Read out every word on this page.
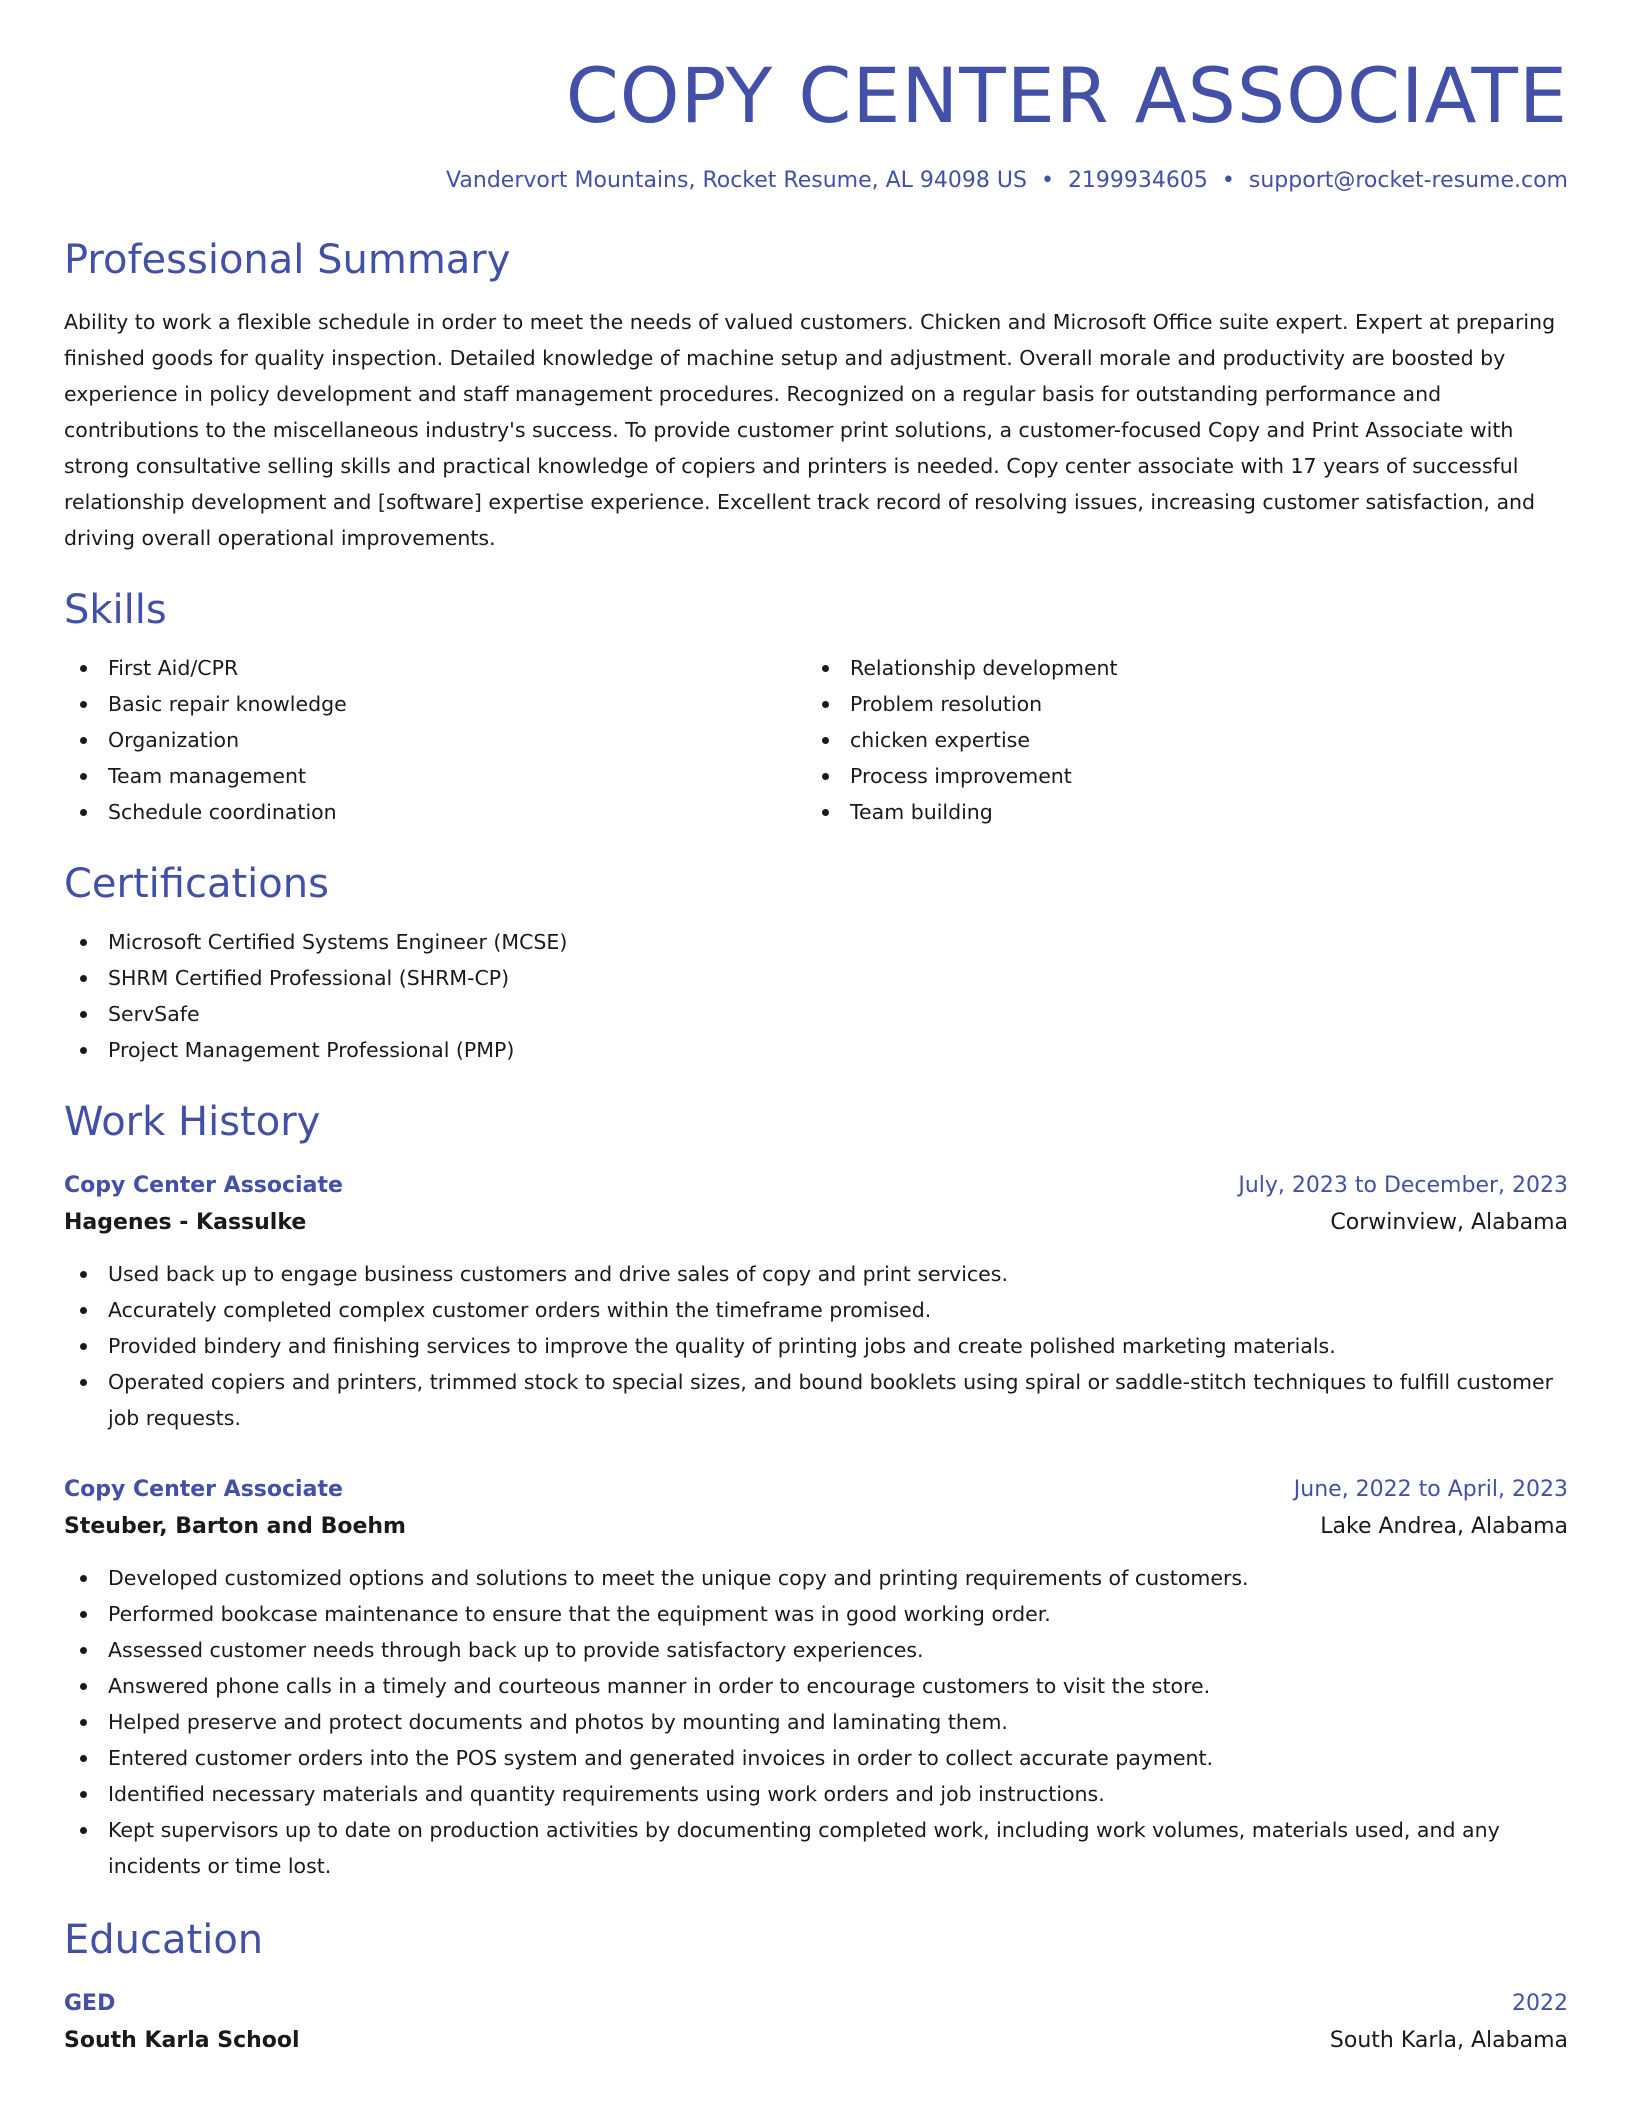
COPY CENTER ASSOCIATE
Vandervort Mountains, Rocket Resume, AL 94098 US • 2199934605 • support@rocket-resume.com
Professional Summary

Ability to work a flexible schedule in order to meet the needs of valued customers. Chicken and Microsoft Office suite expert. Expert at preparing finished goods for quality inspection. Detailed knowledge of machine setup and adjustment. Overall morale and productivity are boosted by experience in policy development and staff management procedures. Recognized on a regular basis for outstanding performance and contributions to the miscellaneous industry's success. To provide customer print solutions, a customer-focused Copy and Print Associate with strong consultative selling skills and practical knowledge of copiers and printers is needed. Copy center associate with 17 years of successful relationship development and [software] expertise experience. Excellent track record of resolving issues, increasing customer satisfaction, and driving overall operational improvements.

Skills
First Aid/CPR
Basic repair knowledge
Organization
Team management
Schedule coordination
Relationship development
Problem resolution
chicken expertise
Process improvement
Team building
Certifications
Microsoft Certified Systems Engineer (MCSE)
SHRM Certified Professional (SHRM-CP)
ServSafe
Project Management Professional (PMP)
Work History
Copy Center Associate	July, 2023 to December, 2023
Hagenes - Kassulke	Corwinview, Alabama
Used back up to engage business customers and drive sales of copy and print services.
Accurately completed complex customer orders within the timeframe promised.
Provided bindery and finishing services to improve the quality of printing jobs and create polished marketing materials.
Operated copiers and printers, trimmed stock to special sizes, and bound booklets using spiral or saddle-stitch techniques to fulfill customer job requests.
Copy Center Associate	June, 2022 to April, 2023
Steuber, Barton and Boehm	Lake Andrea, Alabama
Developed customized options and solutions to meet the unique copy and printing requirements of customers.
Performed bookcase maintenance to ensure that the equipment was in good working order.
Assessed customer needs through back up to provide satisfactory experiences.
Answered phone calls in a timely and courteous manner in order to encourage customers to visit the store.
Helped preserve and protect documents and photos by mounting and laminating them.
Entered customer orders into the POS system and generated invoices in order to collect accurate payment.
Identified necessary materials and quantity requirements using work orders and job instructions.
Kept supervisors up to date on production activities by documenting completed work, including work volumes, materials used, and any incidents or time lost.
Education
GED	2022
South Karla School	South Karla, Alabama
